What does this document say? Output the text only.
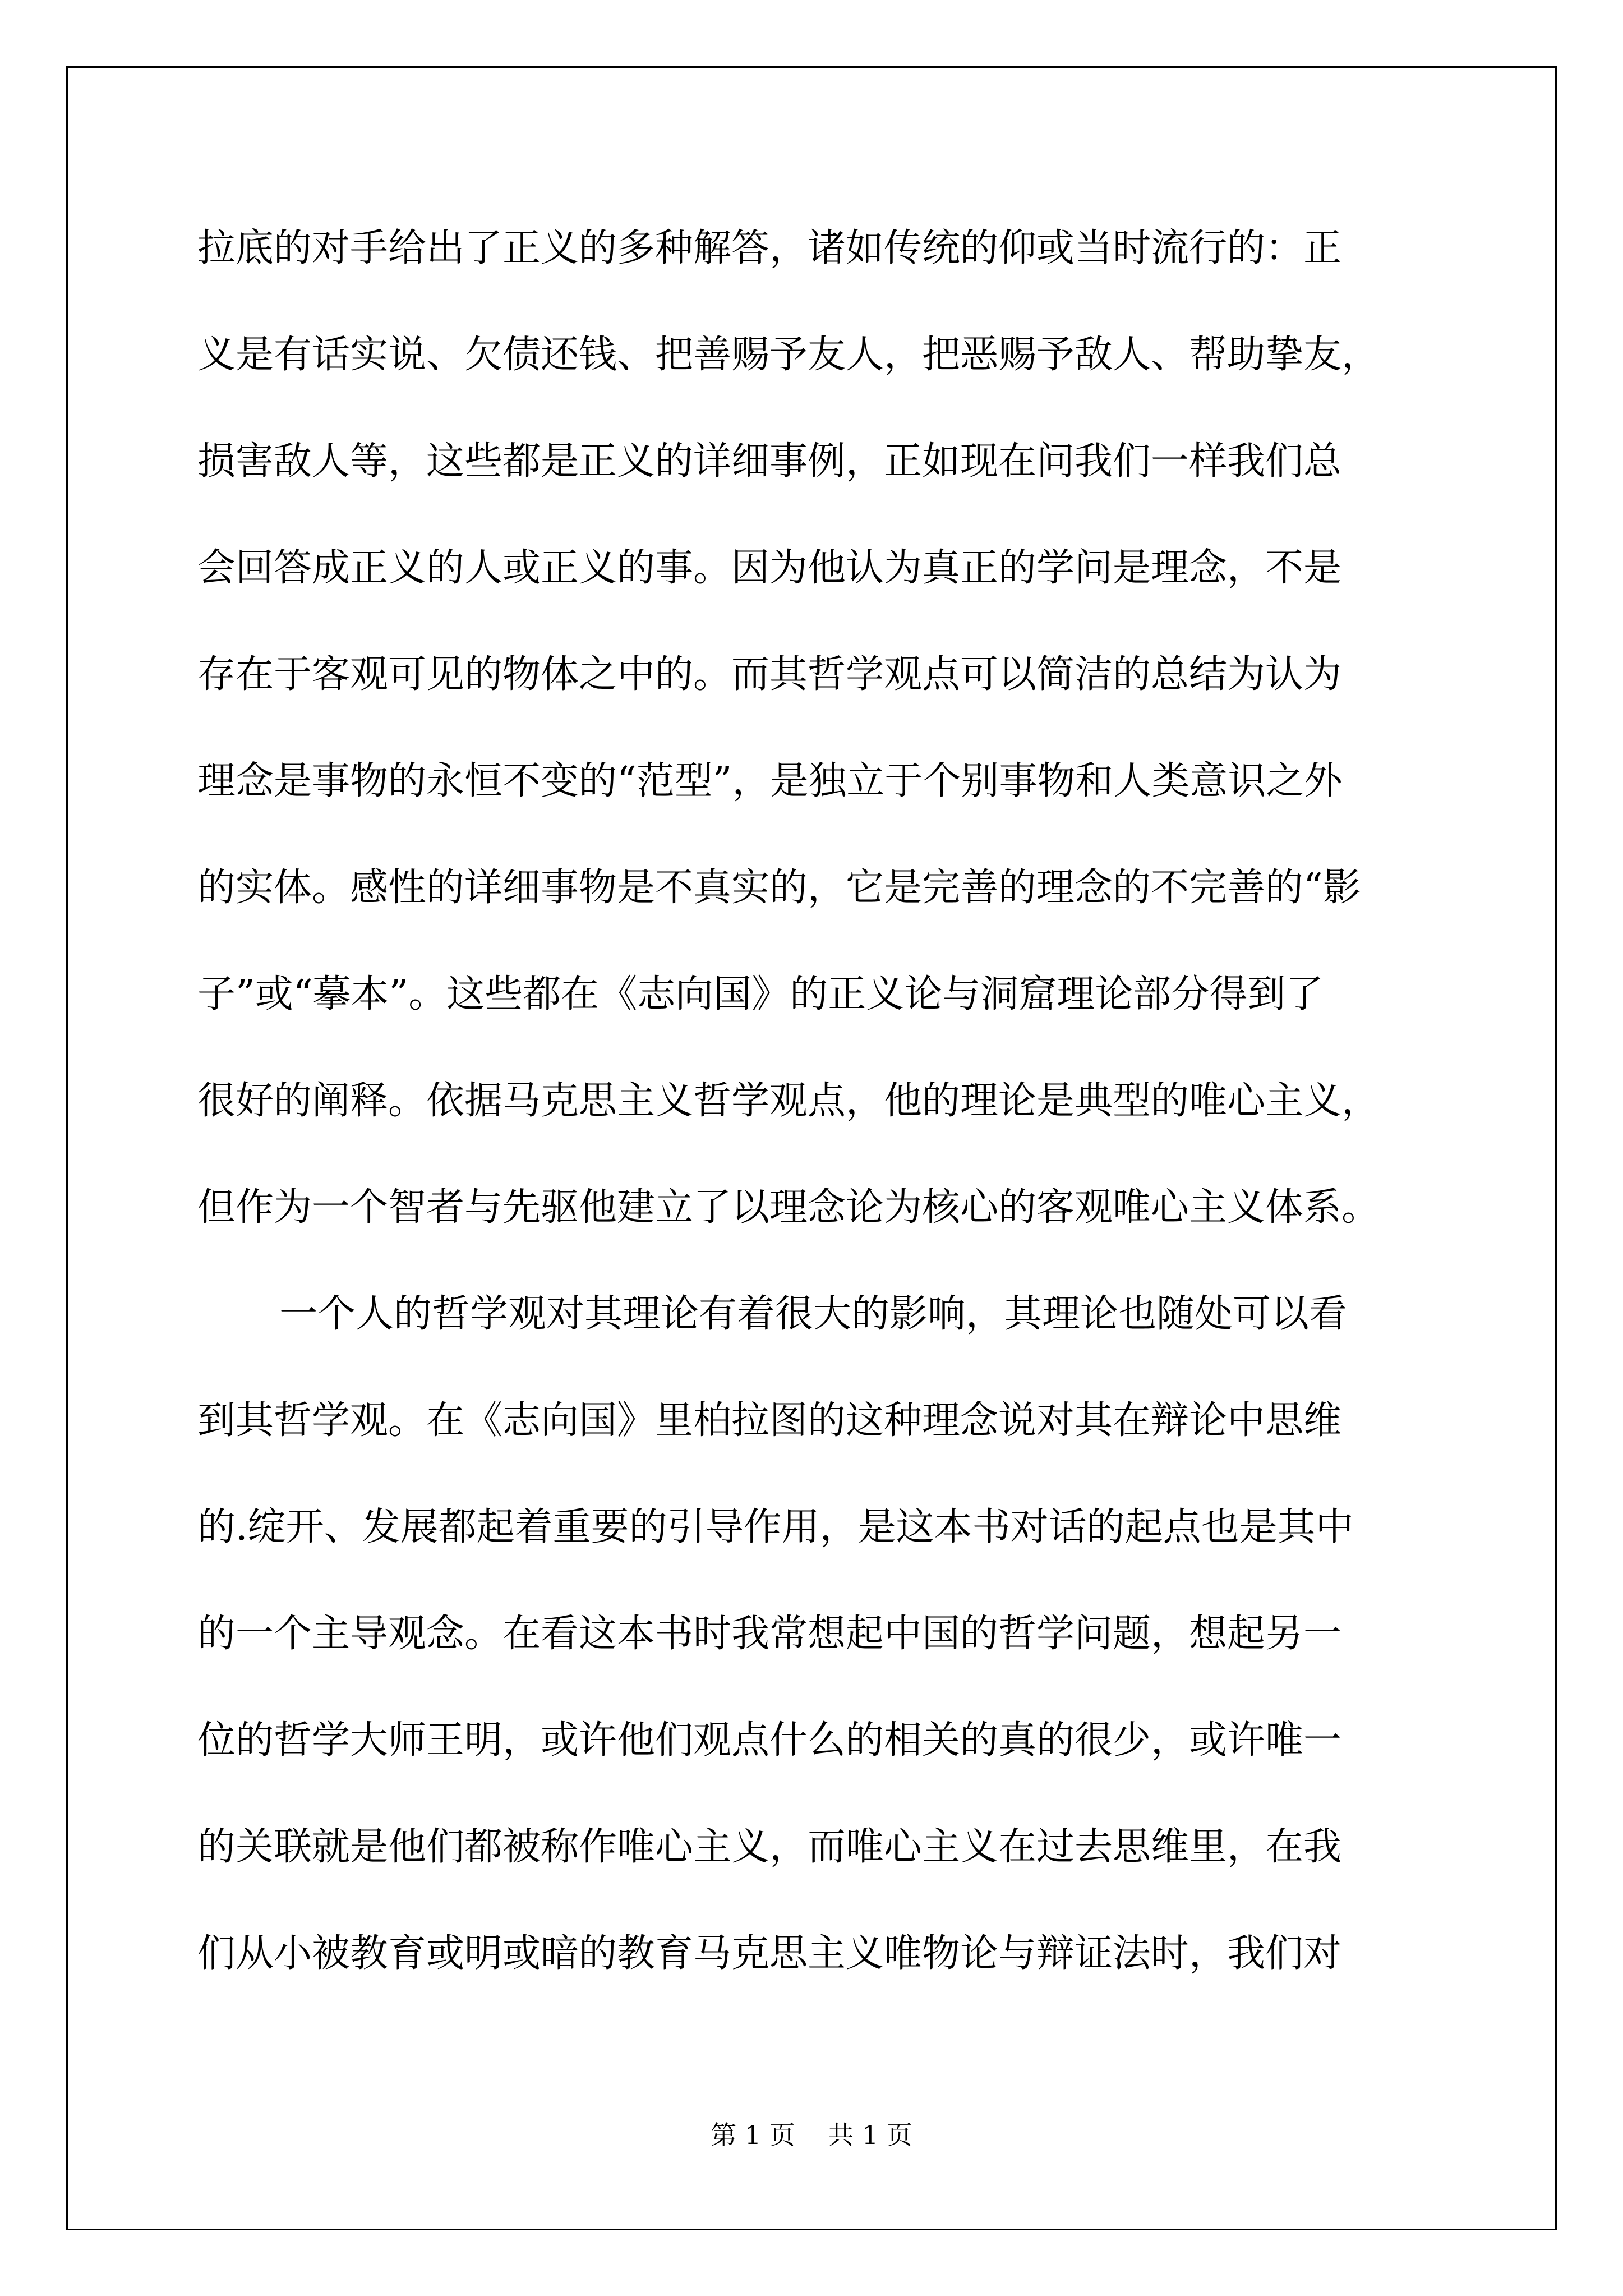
拉底的对手给出了正义的多种解答，诸如传统的仰或当时流行的：正
义是有话实说、欠债还钱、把善赐予友人，把恶赐予敌人、帮助挚友，
损害敌人等，这些都是正义的详细事例，正如现在问我们一样我们总
会回答成正义的人或正义的事。因为他认为真正的学问是理念，不是
存在于客观可见的物体之中的。而其哲学观点可以简洁的总结为认为
理念是事物的永恒不变的“范型”，是独立于个别事物和人类意识之外
的实体。感性的详细事物是不真实的，它是完善的理念的不完善的“影
子”或“摹本”。这些都在《志向国》的正义论与洞窟理论部分得到了
很好的阐释。依据马克思主义哲学观点，他的理论是典型的唯心主义，
但作为一个智者与先驱他建立了以理念论为核心的客观唯心主义体系。
一个人的哲学观对其理论有着很大的影响，其理论也随处可以看
到其哲学观。在《志向国》里柏拉图的这种理念说对其在辩论中思维
的.绽开、发展都起着重要的引导作用，是这本书对话的起点也是其中
的一个主导观念。在看这本书时我常想起中国的哲学问题，想起另一
位的哲学大师王明，或许他们观点什么的相关的真的很少，或许唯一
的关联就是他们都被称作唯心主义，而唯心主义在过去思维里，在我
们从小被教育或明或暗的教育马克思主义唯物论与辩证法时，我们对
第 1 页    共 1 页
